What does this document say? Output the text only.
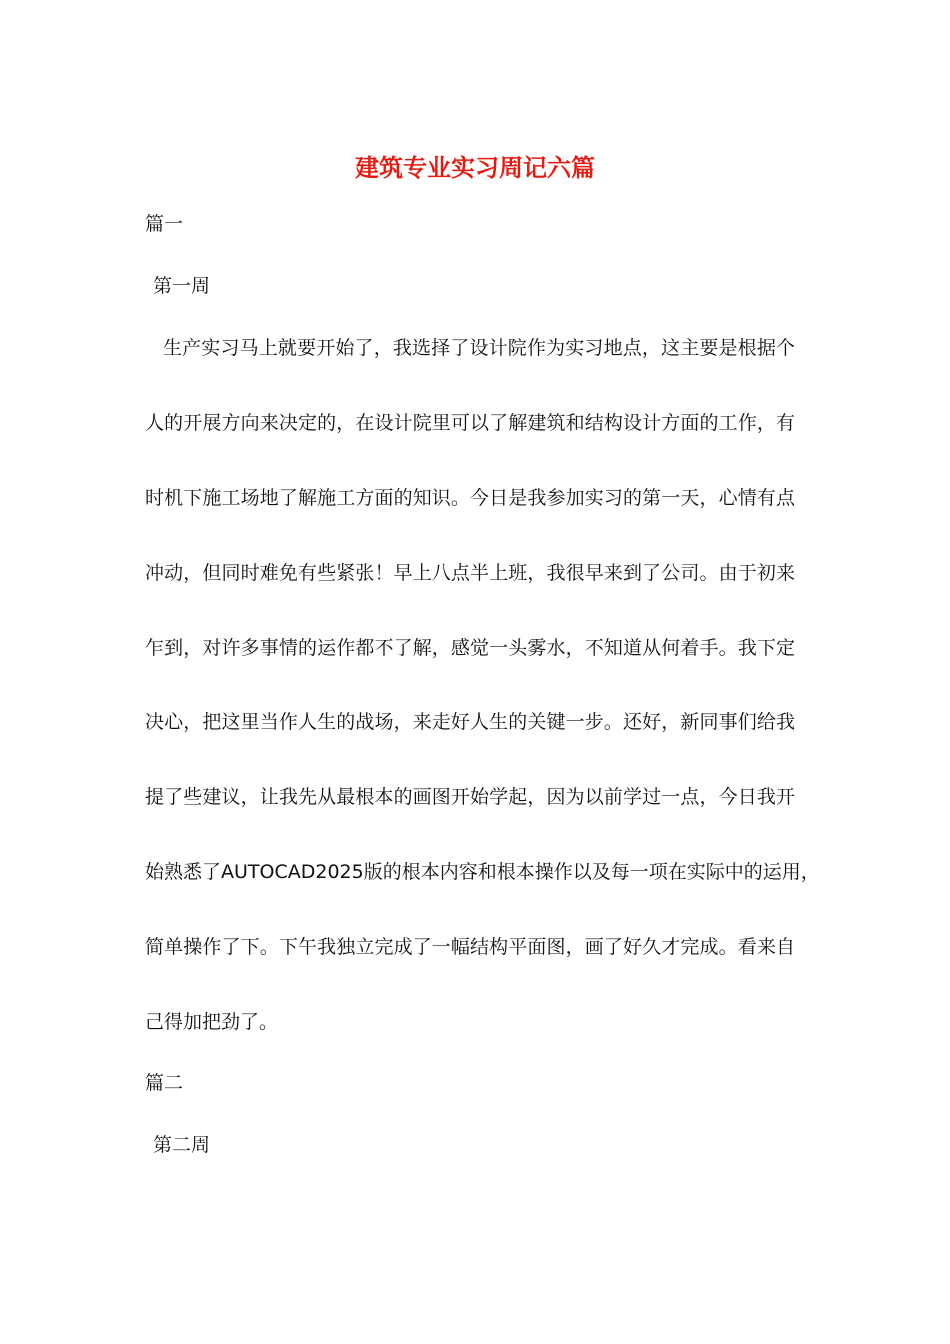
建筑专业实习周记六篇
篇一
第一周
生产实习马上就要开始了，我选择了设计院作为实习地点，这主要是根据个
人的开展方向来决定的，在设计院里可以了解建筑和结构设计方面的工作，有
时机下施工场地了解施工方面的知识。今日是我参加实习的第一天，心情有点
冲动，但同时难免有些紧张！早上八点半上班，我很早来到了公司。由于初来
乍到，对许多事情的运作都不了解，感觉一头雾水，不知道从何着手。我下定
决心，把这里当作人生的战场，来走好人生的关键一步。还好，新同事们给我
提了些建议，让我先从最根本的画图开始学起，因为以前学过一点，今日我开
始熟悉了AUTOCAD2025版的根本内容和根本操作以及每一项在实际中的运用，
简单操作了下。下午我独立完成了一幅结构平面图，画了好久才完成。看来自
己得加把劲了。
篇二
第二周
